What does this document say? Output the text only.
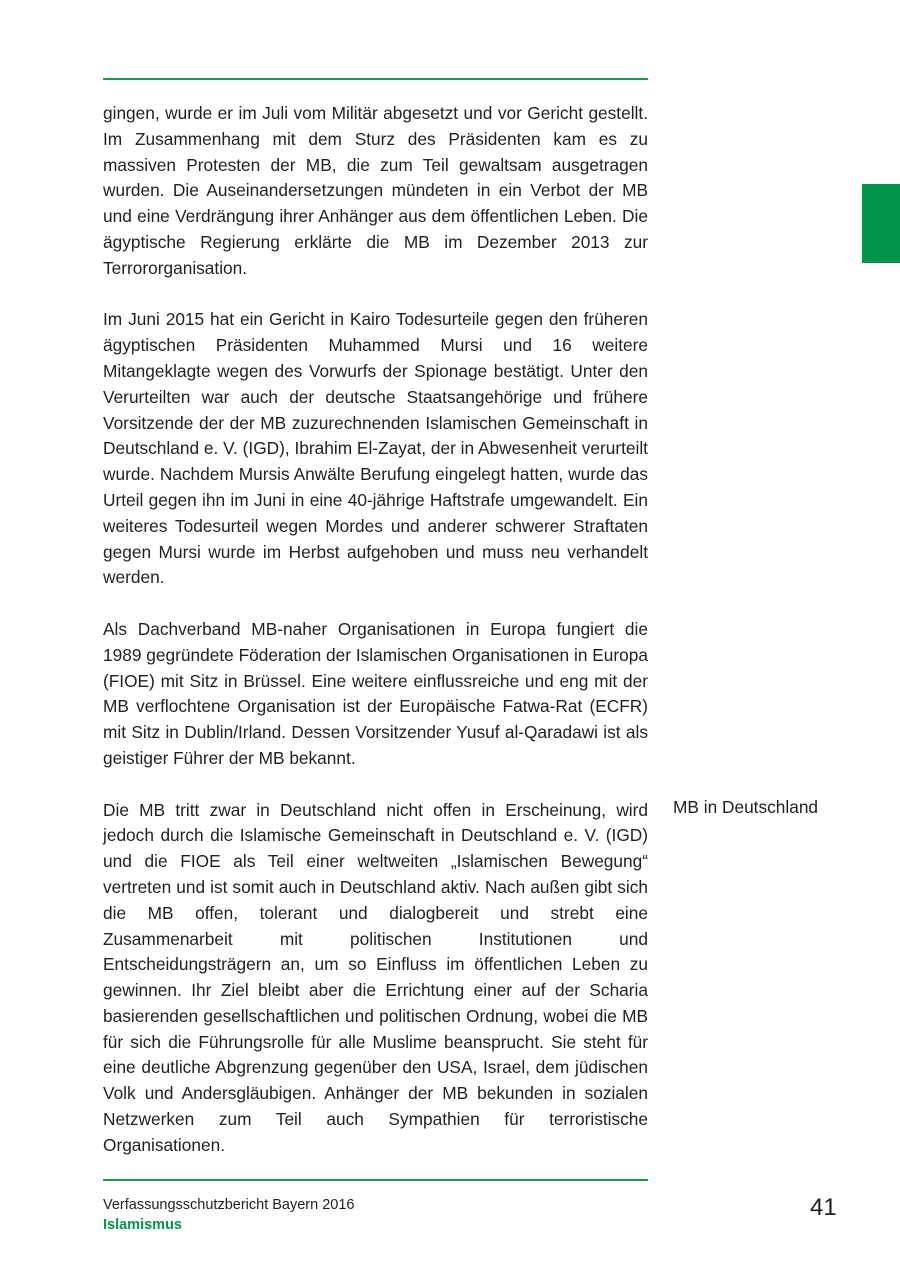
gingen, wurde er im Juli vom Militär abgesetzt und vor Gericht gestellt. Im Zusammenhang mit dem Sturz des Präsidenten kam es zu massiven Protesten der MB, die zum Teil gewaltsam ausgetragen wurden. Die Auseinandersetzungen mündeten in ein Verbot der MB und eine Verdrängung ihrer Anhänger aus dem öffentlichen Leben. Die ägyptische Regierung erklärte die MB im Dezember 2013 zur Terrororganisation.

Im Juni 2015 hat ein Gericht in Kairo Todesurteile gegen den früheren ägyptischen Präsidenten Muhammed Mursi und 16 weitere Mitangeklagte wegen des Vorwurfs der Spionage bestätigt. Unter den Verurteilten war auch der deutsche Staatsangehörige und frühere Vorsitzende der der MB zuzurechnenden Islamischen Gemeinschaft in Deutschland e. V. (IGD), Ibrahim El-Zayat, der in Abwesenheit verurteilt wurde. Nachdem Mursis Anwälte Berufung eingelegt hatten, wurde das Urteil gegen ihn im Juni in eine 40-jährige Haftstrafe umgewandelt. Ein weiteres Todesurteil wegen Mordes und anderer schwerer Straftaten gegen Mursi wurde im Herbst aufgehoben und muss neu verhandelt werden.

Als Dachverband MB-naher Organisationen in Europa fungiert die 1989 gegründete Föderation der Islamischen Organisationen in Europa (FIOE) mit Sitz in Brüssel. Eine weitere einflussreiche und eng mit der MB verflochtene Organisation ist der Europäische Fatwa-Rat (ECFR) mit Sitz in Dublin/Irland. Dessen Vorsitzender Yusuf al-Qaradawi ist als geistiger Führer der MB bekannt.

Die MB tritt zwar in Deutschland nicht offen in Erscheinung, wird jedoch durch die Islamische Gemeinschaft in Deutschland e. V. (IGD) und die FIOE als Teil einer weltweiten „Islamischen Bewegung“ vertreten und ist somit auch in Deutschland aktiv. Nach außen gibt sich die MB offen, tolerant und dialogbereit und strebt eine Zusammenarbeit mit politischen Institutionen und Entscheidungsträgern an, um so Einfluss im öffentlichen Leben zu gewinnen. Ihr Ziel bleibt aber die Errichtung einer auf der Scharia basierenden gesellschaftlichen und politischen Ordnung, wobei die MB für sich die Führungsrolle für alle Muslime beansprucht. Sie steht für eine deutliche Abgrenzung gegenüber den USA, Israel, dem jüdischen Volk und Andersgläubigen. Anhänger der MB bekunden in sozialen Netzwerken zum Teil auch Sympathien für terroristische Organisationen.

MB in Deutschland
Verfassungsschutzbericht Bayern 2016
Islamismus
41
